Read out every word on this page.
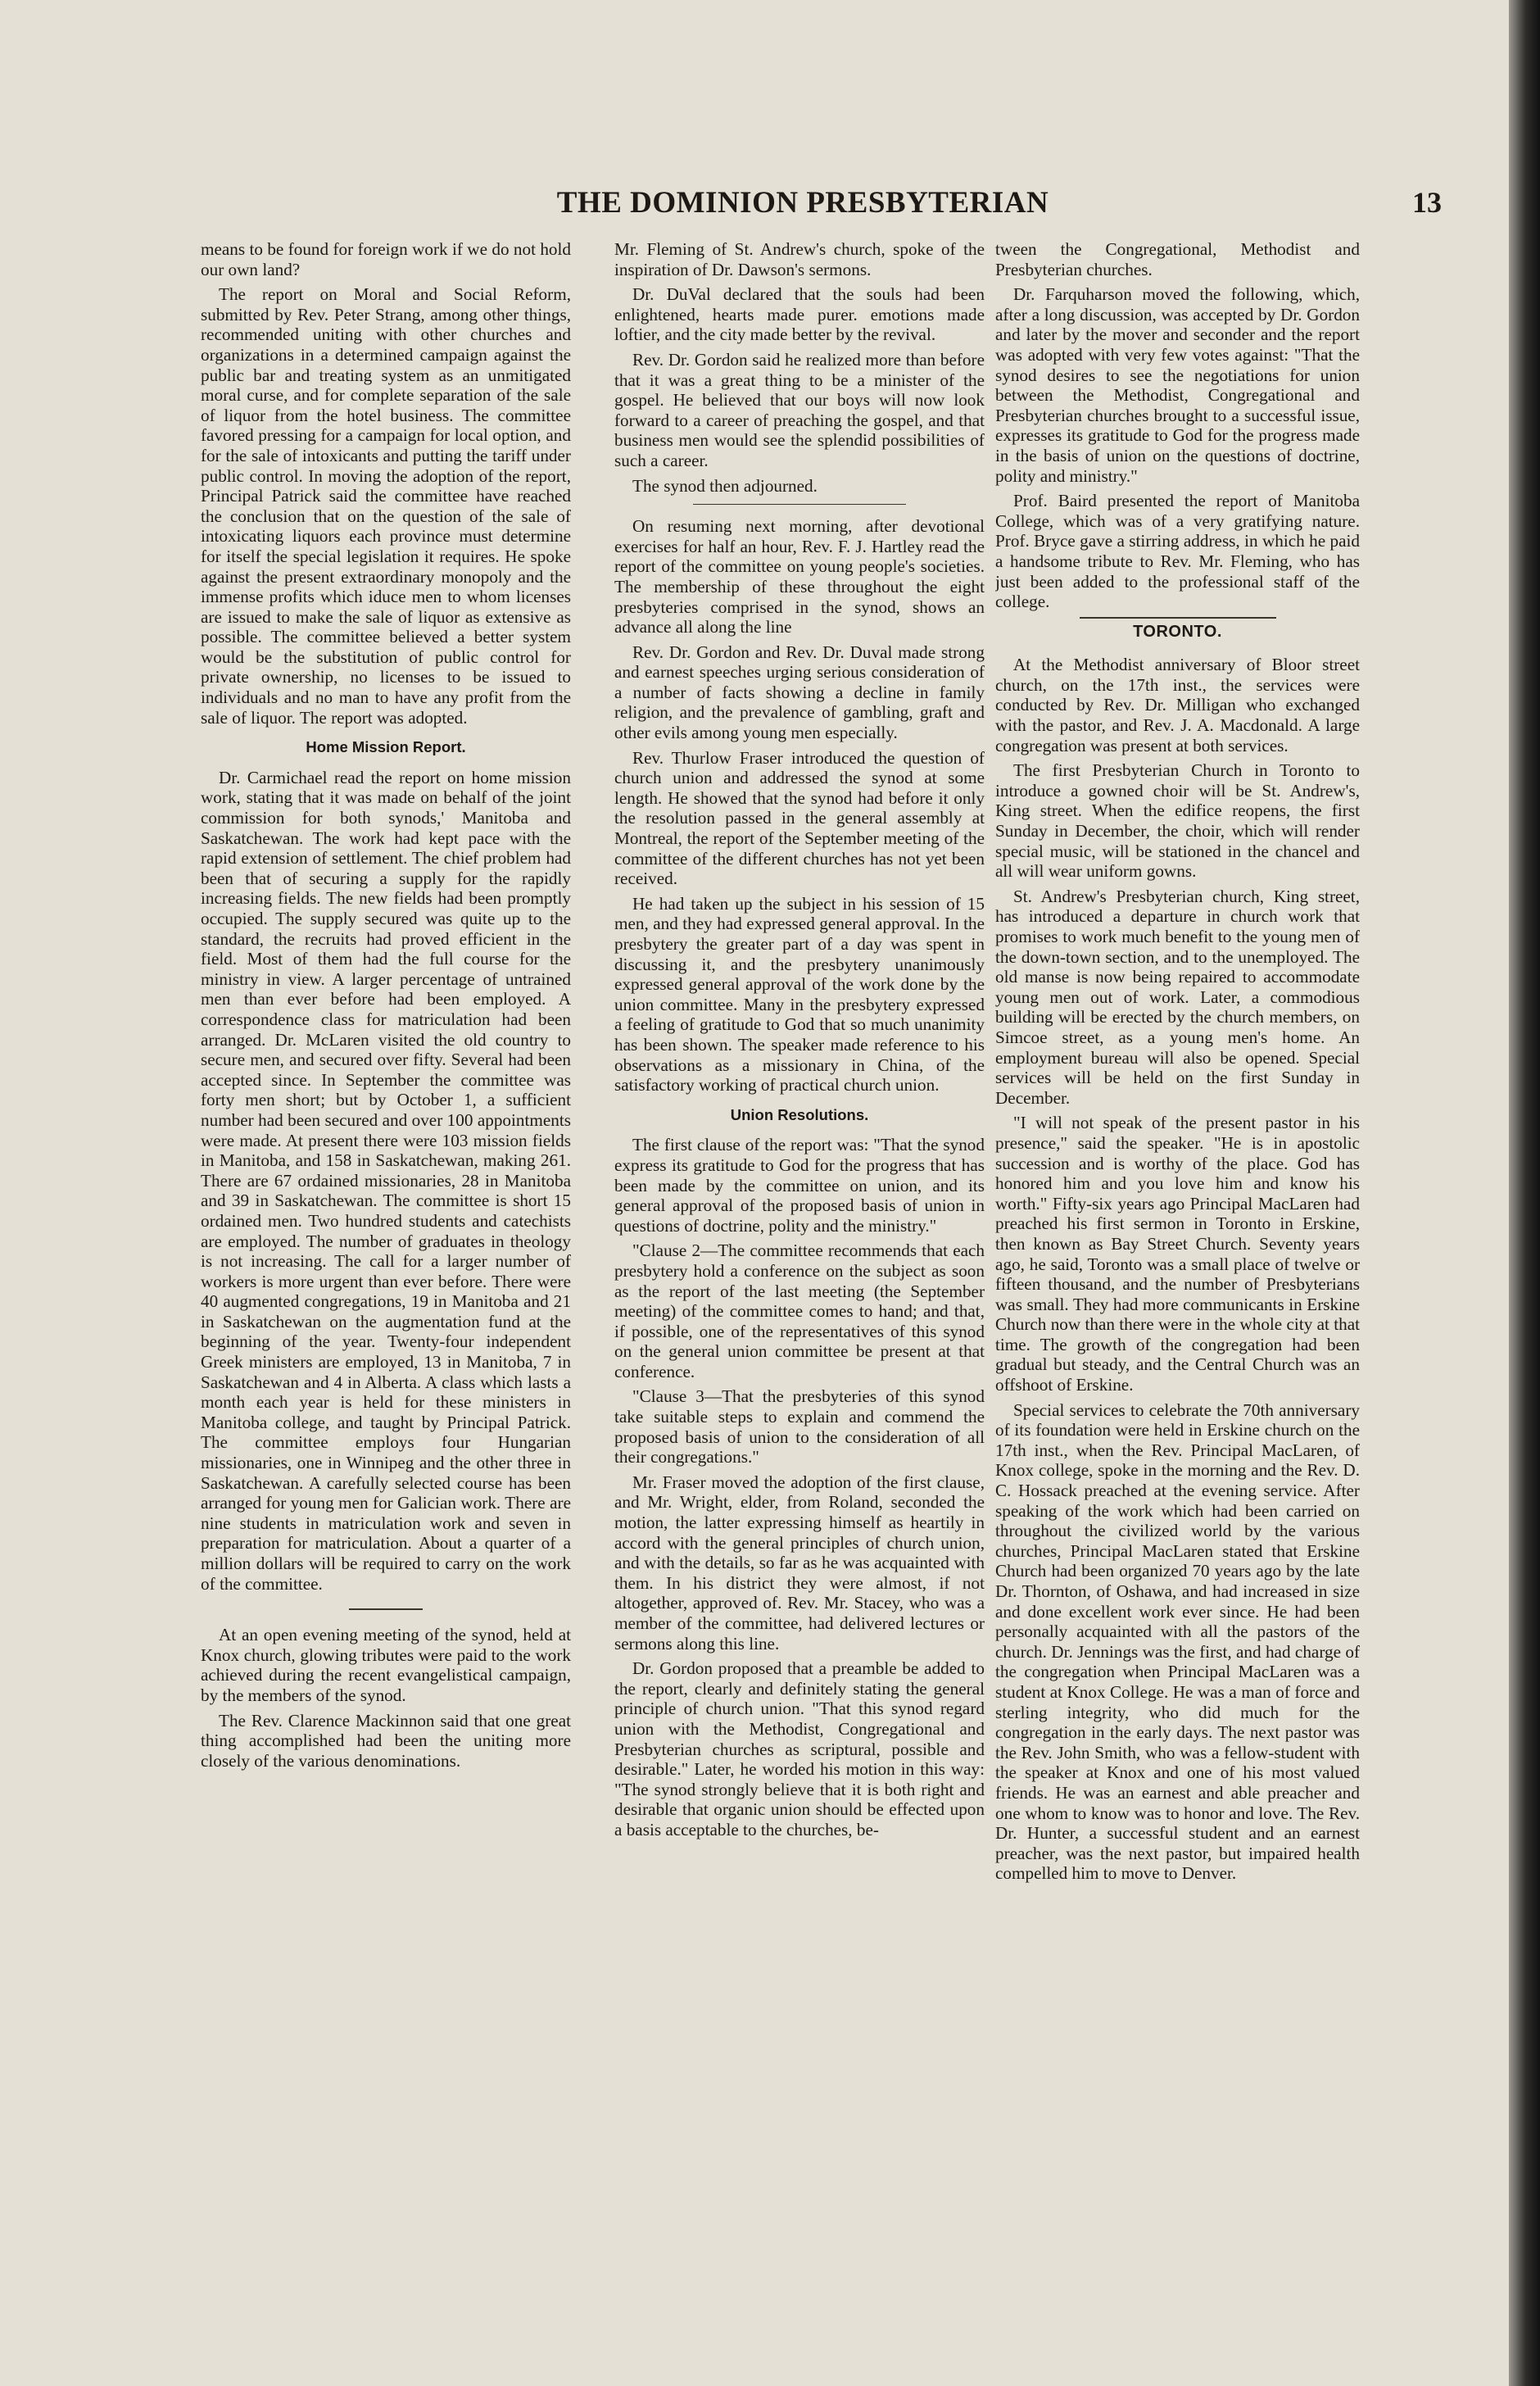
THE DOMINION PRESBYTERIAN	13

means to be found for foreign work if we do not hold our own land?

The report on Moral and Social Reform, submitted by Rev. Peter Strang, among other things, recommended uniting with other churches and organizations in a determined campaign against the public bar and treating system as an unmitigated moral curse, and for complete separation of the sale of liquor from the hotel business. The committee favored pressing for a campaign for local option, and for the sale of intoxicants and putting the tariff under public control. In moving the adoption of the report, Principal Patrick said the committee have reached the conclusion that on the question of the sale of intoxicating liquors each province must determine for itself the special legislation it requires. He spoke against the present extraordinary monopoly and the immense profits which iduce men to whom licenses are issued to make the sale of liquor as extensive as possible. The committee believed a better system would be the substitution of public control for private ownership, no licenses to be issued to individuals and no man to have any profit from the sale of liquor. The report was adopted.

Home Mission Report.

Dr. Carmichael read the report on home mission work, stating that it was made on behalf of the joint commission for both synods,' Manitoba and Saskatchewan. The work had kept pace with the rapid extension of settlement. The chief problem had been that of securing a supply for the rapidly increasing fields. The new fields had been promptly occupied. The supply secured was quite up to the standard, the recruits had proved efficient in the field. Most of them had the full course for the ministry in view. A larger percentage of untrained men than ever before had been employed. A correspondence class for matriculation had been arranged. Dr. McLaren visited the old country to secure men, and secured over fifty. Several had been accepted since. In September the committee was forty men short; but by October 1, a sufficient number had been secured and over 100 appointments were made. At present there were 103 mission fields in Manitoba, and 158 in Saskatchewan, making 261. There are 67 ordained missionaries, 28 in Manitoba and 39 in Saskatchewan. The committee is short 15 ordained men. Two hundred students and catechists are employed. The number of graduates in theology is not increasing. The call for a larger number of workers is more urgent than ever before. There were 40 augmented congregations, 19 in Manitoba and 21 in Saskatchewan on the augmentation fund at the beginning of the year. Twenty-four independent Greek ministers are employed, 13 in Manitoba, 7 in Saskatchewan and 4 in Alberta. A class which lasts a month each year is held for these ministers in Manitoba college, and taught by Principal Patrick. The committee employs four Hungarian missionaries, one in Winnipeg and the other three in Saskatchewan. A carefully selected course has been arranged for young men for Galician work. There are nine students in matriculation work and seven in preparation for matriculation. About a quarter of a million dollars will be required to carry on the work of the committee.

At an open evening meeting of the synod, held at Knox church, glowing tributes were paid to the work achieved during the recent evangelistical campaign, by the members of the synod.

The Rev. Clarence Mackinnon said that one great thing accomplished had been the uniting more closely of the various denominations.

Mr. Fleming of St. Andrew's church, spoke of the inspiration of Dr. Dawson's sermons.

Dr. DuVal declared that the souls had been enlightened, hearts made purer. emotions made loftier, and the city made better by the revival.

Rev. Dr. Gordon said he realized more than before that it was a great thing to be a minister of the gospel. He believed that our boys will now look forward to a career of preaching the gospel, and that business men would see the splendid possibilities of such a career.

The synod then adjourned.

On resuming next morning, after devotional exercises for half an hour, Rev. F. J. Hartley read the report of the committee on young people's societies. The membership of these throughout the eight presbyteries comprised in the synod, shows an advance all along the line

Rev. Dr. Gordon and Rev. Dr. Duval made strong and earnest speeches urging serious consideration of a number of facts showing a decline in family religion, and the prevalence of gambling, graft and other evils among young men especially.

Rev. Thurlow Fraser introduced the question of church union and addressed the synod at some length. He showed that the synod had before it only the resolution passed in the general assembly at Montreal, the report of the September meeting of the committee of the different churches has not yet been received.

He had taken up the subject in his session of 15 men, and they had expressed general approval. In the presbytery the greater part of a day was spent in discussing it, and the presbytery unanimously expressed general approval of the work done by the union committee. Many in the presbytery expressed a feeling of gratitude to God that so much unanimity has been shown. The speaker made reference to his observations as a missionary in China, of the satisfactory working of practical church union.

Union Resolutions.

The first clause of the report was: "That the synod express its gratitude to God for the progress that has been made by the committee on union, and its general approval of the proposed basis of union in questions of doctrine, polity and the ministry."

"Clause 2—The committee recommends that each presbytery hold a conference on the subject as soon as the report of the last meeting (the September meeting) of the committee comes to hand; and that, if possible, one of the representatives of this synod on the general union committee be present at that conference.

"Clause 3—That the presbyteries of this synod take suitable steps to explain and commend the proposed basis of union to the consideration of all their congregations."

Mr. Fraser moved the adoption of the first clause, and Mr. Wright, elder, from Roland, seconded the motion, the latter expressing himself as heartily in accord with the general principles of church union, and with the details, so far as he was acquainted with them. In his district they were almost, if not altogether, approved of. Rev. Mr. Stacey, who was a member of the committee, had delivered lectures or sermons along this line.

Dr. Gordon proposed that a preamble be added to the report, clearly and definitely stating the general principle of church union. "That this synod regard union with the Methodist, Congregational and Presbyterian churches as scriptural, possible and desirable." Later, he worded his motion in this way: "The synod strongly believe that it is both right and desirable that organic union should be effected upon a basis acceptable to the churches, be-

tween the Congregational, Methodist and Presbyterian churches.

Dr. Farquharson moved the following, which, after a long discussion, was accepted by Dr. Gordon and later by the mover and seconder and the report was adopted with very few votes against: "That the synod desires to see the negotiations for union between the Methodist, Congregational and Presbyterian churches brought to a successful issue, expresses its gratitude to God for the progress made in the basis of union on the questions of doctrine, polity and ministry."

Prof. Baird presented the report of Manitoba College, which was of a very gratifying nature. Prof. Bryce gave a stirring address, in which he paid a handsome tribute to Rev. Mr. Fleming, who has just been added to the professional staff of the college.

TORONTO.

At the Methodist anniversary of Bloor street church, on the 17th inst., the services were conducted by Rev. Dr. Milligan who exchanged with the pastor, and Rev. J. A. Macdonald. A large congregation was present at both services.

The first Presbyterian Church in Toronto to introduce a gowned choir will be St. Andrew's, King street. When the edifice reopens, the first Sunday in December, the choir, which will render special music, will be stationed in the chancel and all will wear uniform gowns.

St. Andrew's Presbyterian church, King street, has introduced a departure in church work that promises to work much benefit to the young men of the down-town section, and to the unemployed. The old manse is now being repaired to accommodate young men out of work. Later, a commodious building will be erected by the church members, on Simcoe street, as a young men's home. An employment bureau will also be opened. Special services will be held on the first Sunday in December.

"I will not speak of the present pastor in his presence," said the speaker. "He is in apostolic succession and is worthy of the place. God has honored him and you love him and know his worth." Fifty-six years ago Principal MacLaren had preached his first sermon in Toronto in Erskine, then known as Bay Street Church. Seventy years ago, he said, Toronto was a small place of twelve or fifteen thousand, and the number of Presbyterians was small. They had more communicants in Erskine Church now than there were in the whole city at that time. The growth of the congregation had been gradual but steady, and the Central Church was an offshoot of Erskine.

Special services to celebrate the 70th anniversary of its foundation were held in Erskine church on the 17th inst., when the Rev. Principal MacLaren, of Knox college, spoke in the morning and the Rev. D. C. Hossack preached at the evening service. After speaking of the work which had been carried on throughout the civilized world by the various churches, Principal MacLaren stated that Erskine Church had been organized 70 years ago by the late Dr. Thornton, of Oshawa, and had increased in size and done excellent work ever since. He had been personally acquainted with all the pastors of the church. Dr. Jennings was the first, and had charge of the congregation when Principal MacLaren was a student at Knox College. He was a man of force and sterling integrity, who did much for the congregation in the early days. The next pastor was the Rev. John Smith, who was a fellow-student with the speaker at Knox and one of his most valued friends. He was an earnest and able preacher and one whom to know was to honor and love. The Rev. Dr. Hunter, a successful student and an earnest preacher, was the next pastor, but impaired health compelled him to move to Denver.
